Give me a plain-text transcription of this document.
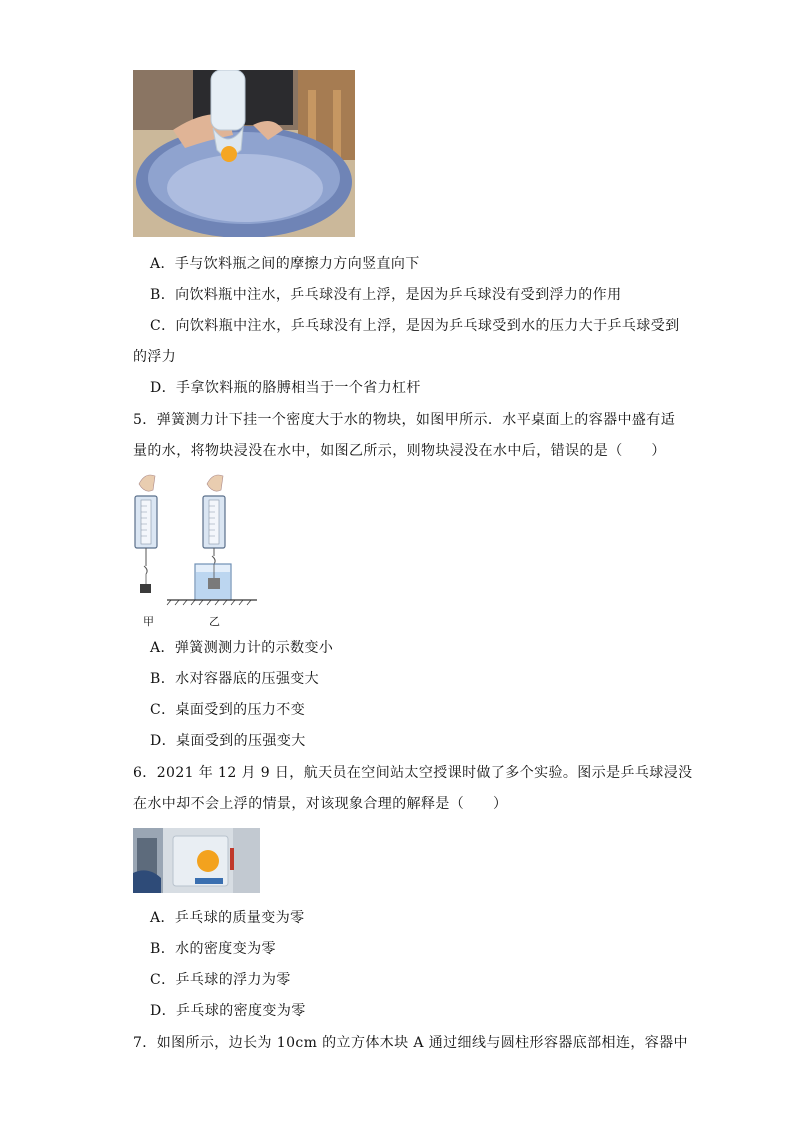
A．手与饮料瓶之间的摩擦力方向竖直向下
B．向饮料瓶中注水，乒乓球没有上浮，是因为乒乓球没有受到浮力的作用
C．向饮料瓶中注水，乒乓球没有上浮，是因为乒乓球受到水的压力大于乒乓球受到
的浮力
D．手拿饮料瓶的胳膊相当于一个省力杠杆
5．弹簧测力计下挂一个密度大于水的物块，如图甲所示．水平桌面上的容器中盛有适
量的水，将物块浸没在水中，如图乙所示，则物块浸没在水中后，错误的是（　　）
甲	乙
A．弹簧测测力计的示数变小
B．水对容器底的压强变大
C．桌面受到的压力不变
D．桌面受到的压强变大
6．2021 年 12 月 9 日，航天员在空间站太空授课时做了多个实验。图示是乒乓球浸没
在水中却不会上浮的情景，对该现象合理的解释是（　　）
A．乒乓球的质量变为零
B．水的密度变为零
C．乒乓球的浮力为零
D．乒乓球的密度变为零
7．如图所示，边长为 10cm 的立方体木块 A 通过细线与圆柱形容器底部相连，容器中
